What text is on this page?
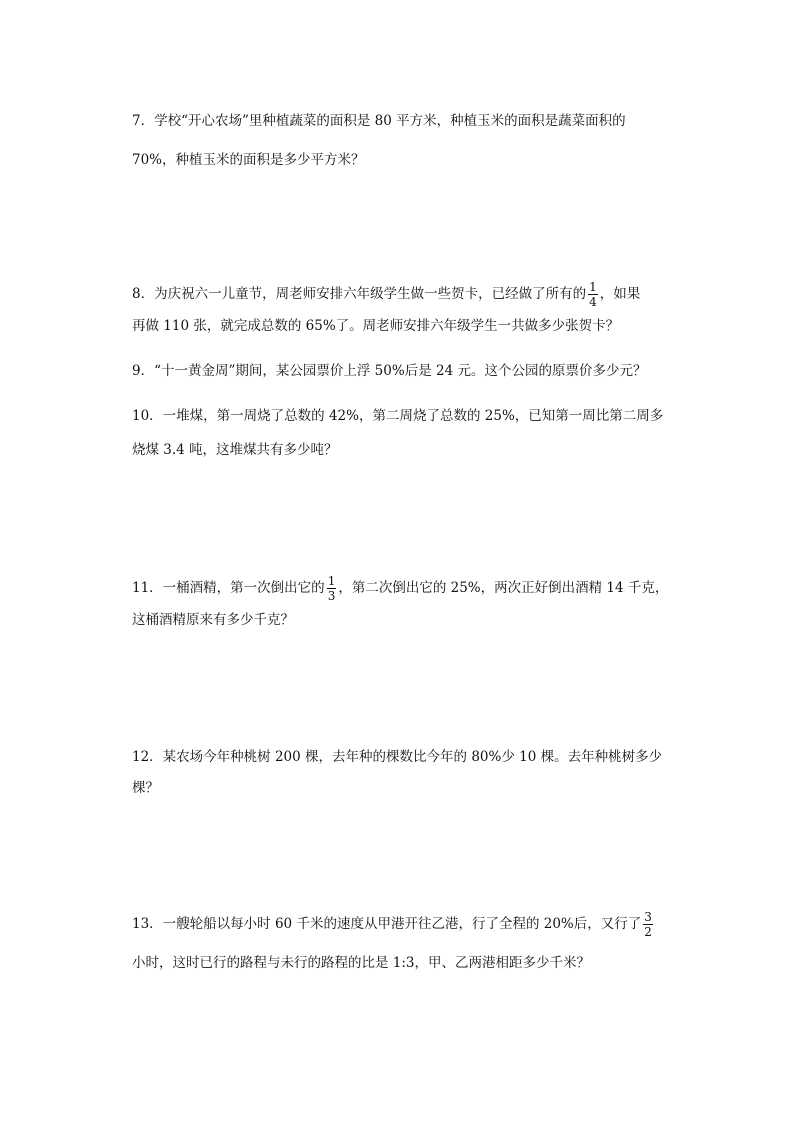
7．学校“开心农场”里种植蔬菜的面积是 80 平方米，种植玉米的面积是蔬菜面积的
70%，种植玉米的面积是多少平方米？
8．为庆祝六一儿童节，周老师安排六年级学生做一些贺卡，已经做了所有的 $\frac{1}{4}$ ，如果
再做 110 张，就完成总数的 65%了。周老师安排六年级学生一共做多少张贺卡？
9．“十一黄金周”期间，某公园票价上浮 50%后是 24 元。这个公园的原票价多少元？
10．一堆煤，第一周烧了总数的 42%，第二周烧了总数的 25%，已知第一周比第二周多
烧煤 3.4 吨，这堆煤共有多少吨？
11．一桶酒精，第一次倒出它的 $\frac{1}{3}$ ，第二次倒出它的 25%，两次正好倒出酒精 14 千克，
这桶酒精原来有多少千克？
12．某农场今年种桃树 200 棵，去年种的棵数比今年的 80%少 10 棵。去年种桃树多少
棵？
13．一艘轮船以每小时 60 千米的速度从甲港开往乙港，行了全程的 20%后，又行了 $\frac{3}{2}$
小时，这时已行的路程与未行的路程的比是 1:3，甲、乙两港相距多少千米？
